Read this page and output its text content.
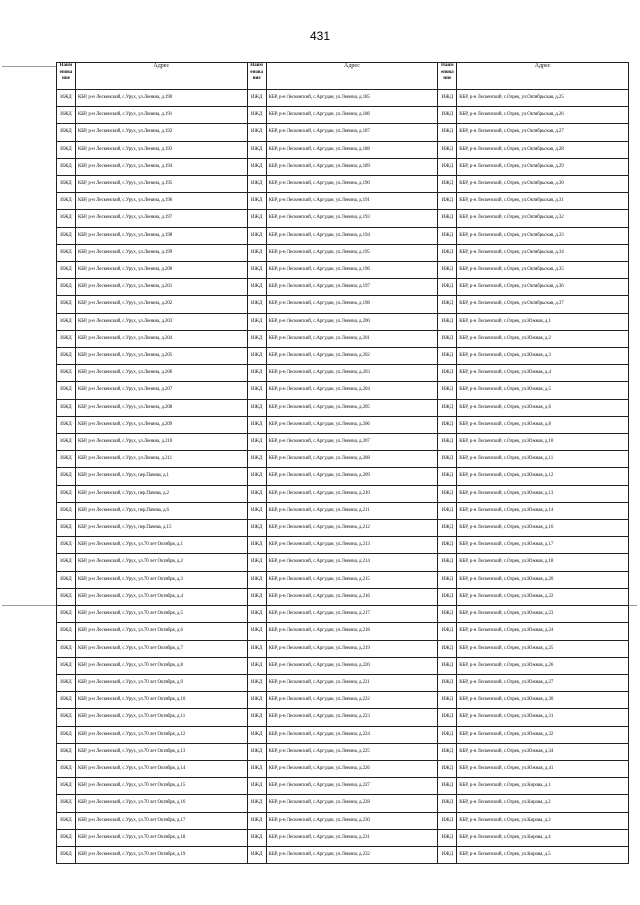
431
Наименование	Адрес	Наименование	Адрес	Наименование	Адрес
ИЖД	КБР, р-н Лескенский, с.Урух, ул.Ленина, д.190	ИЖД	КБР, р-н Лескенский, с.Аргудан, ул.Ленина, д.185	ИЖД	КБР, р-н Лескенский, с.Озрек, ул.Октябрьская, д.25
ИЖД	КБР, р-н Лескенский, с.Урух, ул.Ленина, д.191	ИЖД	КБР, р-н Лескенский, с.Аргудан, ул.Ленина, д.186	ИЖД	КБР, р-н Лескенский, с.Озрек, ул.Октябрьская, д.26
ИЖД	КБР, р-н Лескенский, с.Урух, ул.Ленина, д.192	ИЖД	КБР, р-н Лескенский, с.Аргудан, ул.Ленина, д.187	ИЖД	КБР, р-н Лескенский, с.Озрек, ул.Октябрьская, д.27
ИЖД	КБР, р-н Лескенский, с.Урух, ул.Ленина, д.193	ИЖД	КБР, р-н Лескенский, с.Аргудан, ул.Ленина, д.188	ИЖД	КБР, р-н Лескенский, с.Озрек, ул.Октябрьская, д.28
ИЖД	КБР, р-н Лескенский, с.Урух, ул.Ленина, д.194	ИЖД	КБР, р-н Лескенский, с.Аргудан, ул.Ленина, д.189	ИЖД	КБР, р-н Лескенский, с.Озрек, ул.Октябрьская, д.29
ИЖД	КБР, р-н Лескенский, с.Урух, ул.Ленина, д.195	ИЖД	КБР, р-н Лескенский, с.Аргудан, ул.Ленина, д.190	ИЖД	КБР, р-н Лескенский, с.Озрек, ул.Октябрьская, д.30
ИЖД	КБР, р-н Лескенский, с.Урух, ул.Ленина, д.196	ИЖД	КБР, р-н Лескенский, с.Аргудан, ул.Ленина, д.191	ИЖД	КБР, р-н Лескенский, с.Озрек, ул.Октябрьская, д.31
ИЖД	КБР, р-н Лескенский, с.Урух, ул.Ленина, д.197	ИЖД	КБР, р-н Лескенский, с.Аргудан, ул.Ленина, д.193	ИЖД	КБР, р-н Лескенский, с.Озрек, ул.Октябрьская, д.32
ИЖД	КБР, р-н Лескенский, с.Урух, ул.Ленина, д.198	ИЖД	КБР, р-н Лескенский, с.Аргудан, ул.Ленина, д.194	ИЖД	КБР, р-н Лескенский, с.Озрек, ул.Октябрьская, д.33
ИЖД	КБР, р-н Лескенский, с.Урух, ул.Ленина, д.199	ИЖД	КБР, р-н Лескенский, с.Аргудан, ул.Ленина, д.195	ИЖД	КБР, р-н Лескенский, с.Озрек, ул.Октябрьская, д.34
ИЖД	КБР, р-н Лескенский, с.Урух, ул.Ленина, д.200	ИЖД	КБР, р-н Лескенский, с.Аргудан, ул.Ленина, д.196	ИЖД	КБР, р-н Лескенский, с.Озрек, ул.Октябрьская, д.35
ИЖД	КБР, р-н Лескенский, с.Урух, ул.Ленина, д.201	ИЖД	КБР, р-н Лескенский, с.Аргудан, ул.Ленина, д.197	ИЖД	КБР, р-н Лескенский, с.Озрек, ул.Октябрьская, д.36
ИЖД	КБР, р-н Лескенский, с.Урух, ул.Ленина, д.202	ИЖД	КБР, р-н Лескенский, с.Аргудан, ул.Ленина, д.198	ИЖД	КБР, р-н Лескенский, с.Озрек, ул.Октябрьская, д.37
ИЖД	КБР, р-н Лескенский, с.Урух, ул.Ленина, д.203	ИЖД	КБР, р-н Лескенский, с.Аргудан, ул.Ленина, д.200	ИЖД	КБР, р-н Лескенский, с.Озрек, ул.Южная, д.1
ИЖД	КБР, р-н Лескенский, с.Урух, ул.Ленина, д.204	ИЖД	КБР, р-н Лескенский, с.Аргудан, ул.Ленина, д.201	ИЖД	КБР, р-н Лескенский, с.Озрек, ул.Южная, д.2
ИЖД	КБР, р-н Лескенский, с.Урух, ул.Ленина, д.205	ИЖД	КБР, р-н Лескенский, с.Аргудан, ул.Ленина, д.202	ИЖД	КБР, р-н Лескенский, с.Озрек, ул.Южная, д.3
ИЖД	КБР, р-н Лескенский, с.Урух, ул.Ленина, д.206	ИЖД	КБР, р-н Лескенский, с.Аргудан, ул.Ленина, д.203	ИЖД	КБР, р-н Лескенский, с.Озрек, ул.Южная, д.4
ИЖД	КБР, р-н Лескенский, с.Урух, ул.Ленина, д.207	ИЖД	КБР, р-н Лескенский, с.Аргудан, ул.Ленина, д.204	ИЖД	КБР, р-н Лескенский, с.Озрек, ул.Южная, д.5
ИЖД	КБР, р-н Лескенский, с.Урух, ул.Ленина, д.208	ИЖД	КБР, р-н Лескенский, с.Аргудан, ул.Ленина, д.205	ИЖД	КБР, р-н Лескенский, с.Озрек, ул.Южная, д.6
ИЖД	КБР, р-н Лескенский, с.Урух, ул.Ленина, д.209	ИЖД	КБР, р-н Лескенский, с.Аргудан, ул.Ленина, д.206	ИЖД	КБР, р-н Лескенский, с.Озрек, ул.Южная, д.8
ИЖД	КБР, р-н Лескенский, с.Урух, ул.Ленина, д.210	ИЖД	КБР, р-н Лескенский, с.Аргудан, ул.Ленина, д.207	ИЖД	КБР, р-н Лескенский, с.Озрек, ул.Южная, д.10
ИЖД	КБР, р-н Лескенский, с.Урух, ул.Ленина, д.211	ИЖД	КБР, р-н Лескенский, с.Аргудан, ул.Ленина, д.208	ИЖД	КБР, р-н Лескенский, с.Озрек, ул.Южная, д.11
ИЖД	КБР, р-н Лескенский, с.Урух, пер.Пачева, д.1	ИЖД	КБР, р-н Лескенский, с.Аргудан, ул.Ленина, д.209	ИЖД	КБР, р-н Лескенский, с.Озрек, ул.Южная, д.12
ИЖД	КБР, р-н Лескенский, с.Урух, пер.Пачева, д.2	ИЖД	КБР, р-н Лескенский, с.Аргудан, ул.Ленина, д.210	ИЖД	КБР, р-н Лескенский, с.Озрек, ул.Южная, д.13
ИЖД	КБР, р-н Лескенский, с.Урух, пер.Пачева, д.6	ИЖД	КБР, р-н Лескенский, с.Аргудан, ул.Ленина, д.211	ИЖД	КБР, р-н Лескенский, с.Озрек, ул.Южная, д.14
ИЖД	КБР, р-н Лескенский, с.Урух, пер.Пачева, д.15	ИЖД	КБР, р-н Лескенский, с.Аргудан, ул.Ленина, д.212	ИЖД	КБР, р-н Лескенский, с.Озрек, ул.Южная, д.16
ИЖД	КБР, р-н Лескенский, с.Урух, ул.70 лет Октября, д.1	ИЖД	КБР, р-н Лескенский, с.Аргудан, ул.Ленина, д.213	ИЖД	КБР, р-н Лескенский, с.Озрек, ул.Южная, д.17
ИЖД	КБР, р-н Лескенский, с.Урух, ул.70 лет Октября, д.2	ИЖД	КБР, р-н Лескенский, с.Аргудан, ул.Ленина, д.214	ИЖД	КБР, р-н Лескенский, с.Озрек, ул.Южная, д.18
ИЖД	КБР, р-н Лескенский, с.Урух, ул.70 лет Октября, д.3	ИЖД	КБР, р-н Лескенский, с.Аргудан, ул.Ленина, д.215	ИЖД	КБР, р-н Лескенский, с.Озрек, ул.Южная, д.20
ИЖД	КБР, р-н Лескенский, с.Урух, ул.70 лет Октября, д.4	ИЖД	КБР, р-н Лескенский, с.Аргудан, ул.Ленина, д.216	ИЖД	КБР, р-н Лескенский, с.Озрек, ул.Южная, д.22
ИЖД	КБР, р-н Лескенский, с.Урух, ул.70 лет Октября, д.5	ИЖД	КБР, р-н Лескенский, с.Аргудан, ул.Ленина, д.217	ИЖД	КБР, р-н Лескенский, с.Озрек, ул.Южная, д.23
ИЖД	КБР, р-н Лескенский, с.Урух, ул.70 лет Октября, д.6	ИЖД	КБР, р-н Лескенский, с.Аргудан, ул.Ленина, д.218	ИЖД	КБР, р-н Лескенский, с.Озрек, ул.Южная, д.24
ИЖД	КБР, р-н Лескенский, с.Урух, ул.70 лет Октября, д.7	ИЖД	КБР, р-н Лескенский, с.Аргудан, ул.Ленина, д.219	ИЖД	КБР, р-н Лескенский, с.Озрек, ул.Южная, д.25
ИЖД	КБР, р-н Лескенский, с.Урух, ул.70 лет Октября, д.8	ИЖД	КБР, р-н Лескенский, с.Аргудан, ул.Ленина, д.220	ИЖД	КБР, р-н Лескенский, с.Озрек, ул.Южная, д.26
ИЖД	КБР, р-н Лескенский, с.Урух, ул.70 лет Октября, д.9	ИЖД	КБР, р-н Лескенский, с.Аргудан, ул.Ленина, д.221	ИЖД	КБР, р-н Лескенский, с.Озрек, ул.Южная, д.27
ИЖД	КБР, р-н Лескенский, с.Урух, ул.70 лет Октября, д.10	ИЖД	КБР, р-н Лескенский, с.Аргудан, ул.Ленина, д.222	ИЖД	КБР, р-н Лескенский, с.Озрек, ул.Южная, д.30
ИЖД	КБР, р-н Лескенский, с.Урух, ул.70 лет Октября, д.11	ИЖД	КБР, р-н Лескенский, с.Аргудан, ул.Ленина, д.223	ИЖД	КБР, р-н Лескенский, с.Озрек, ул.Южная, д.31
ИЖД	КБР, р-н Лескенский, с.Урух, ул.70 лет Октября, д.12	ИЖД	КБР, р-н Лескенский, с.Аргудан, ул.Ленина, д.224	ИЖД	КБР, р-н Лескенский, с.Озрек, ул.Южная, д.32
ИЖД	КБР, р-н Лескенский, с.Урух, ул.70 лет Октября, д.13	ИЖД	КБР, р-н Лескенский, с.Аргудан, ул.Ленина, д.225	ИЖД	КБР, р-н Лескенский, с.Озрек, ул.Южная, д.34
ИЖД	КБР, р-н Лескенский, с.Урух, ул.70 лет Октября, д.14	ИЖД	КБР, р-н Лескенский, с.Аргудан, ул.Ленина, д.226	ИЖД	КБР, р-н Лескенский, с.Озрек, ул.Южная, д.41
ИЖД	КБР, р-н Лескенский, с.Урух, ул.70 лет Октября, д.15	ИЖД	КБР, р-н Лескенский, с.Аргудан, ул.Ленина, д.227	ИЖД	КБР, р-н Лескенский, с.Озрек, ул.Кирова, д.1
ИЖД	КБР, р-н Лескенский, с.Урух, ул.70 лет Октября, д.16	ИЖД	КБР, р-н Лескенский, с.Аргудан, ул.Ленина, д.228	ИЖД	КБР, р-н Лескенский, с.Озрек, ул.Кирова, д.2
ИЖД	КБР, р-н Лескенский, с.Урух, ул.70 лет Октября, д.17	ИЖД	КБР, р-н Лескенский, с.Аргудан, ул.Ленина, д.230	ИЖД	КБР, р-н Лескенский, с.Озрек, ул.Кирова, д.3
ИЖД	КБР, р-н Лескенский, с.Урух, ул.70 лет Октября, д.18	ИЖД	КБР, р-н Лескенский, с.Аргудан, ул.Ленина, д.231	ИЖД	КБР, р-н Лескенский, с.Озрек, ул.Кирова, д.4
ИЖД	КБР, р-н Лескенский, с.Урух, ул.70 лет Октября, д.19	ИЖД	КБР, р-н Лескенский, с.Аргудан, ул.Ленина, д.232	ИЖД	КБР, р-н Лескенский, с.Озрек, ул.Кирова, д.5
